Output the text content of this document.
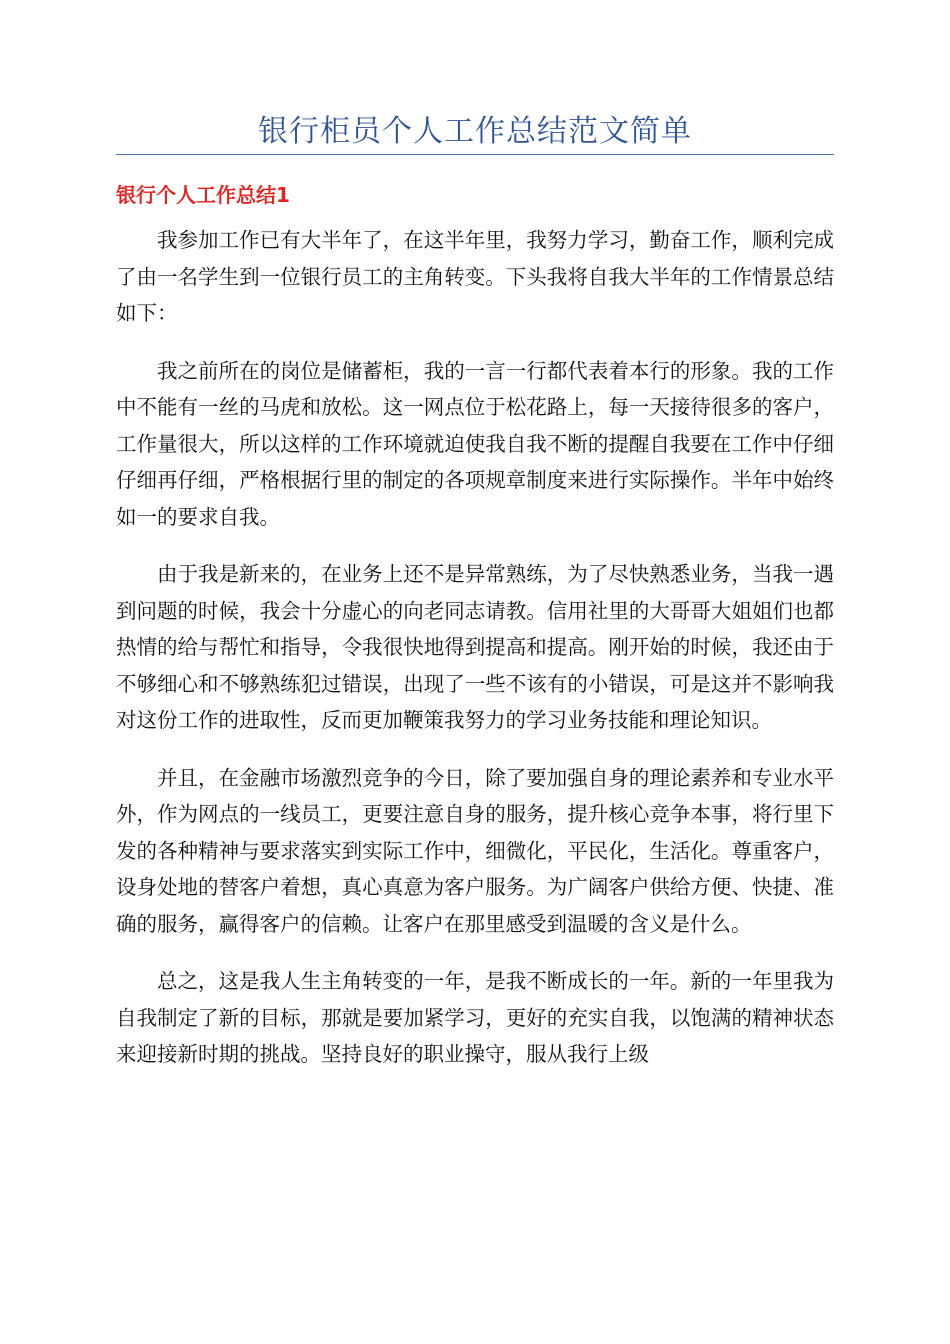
银行柜员个人工作总结范文简单
银行个人工作总结1

我参加工作已有大半年了，在这半年里，我努力学习，勤奋工作，顺利完成了由一名学生到一位银行员工的主角转变。下头我将自我大半年的工作情景总结如下：

我之前所在的岗位是储蓄柜，我的一言一行都代表着本行的形象。我的工作中不能有一丝的马虎和放松。这一网点位于松花路上，每一天接待很多的客户，工作量很大，所以这样的工作环境就迫使我自我不断的提醒自我要在工作中仔细仔细再仔细，严格根据行里的制定的各项规章制度来进行实际操作。半年中始终如一的要求自我。

由于我是新来的，在业务上还不是异常熟练，为了尽快熟悉业务，当我一遇到问题的时候，我会十分虚心的向老同志请教。信用社里的大哥哥大姐姐们也都热情的给与帮忙和指导，令我很快地得到提高和提高。刚开始的时候，我还由于不够细心和不够熟练犯过错误，出现了一些不该有的小错误，可是这并不影响我对这份工作的进取性，反而更加鞭策我努力的学习业务技能和理论知识。

并且，在金融市场激烈竞争的今日，除了要加强自身的理论素养和专业水平外，作为网点的一线员工，更要注意自身的服务，提升核心竞争本事，将行里下发的各种精神与要求落实到实际工作中，细微化，平民化，生活化。尊重客户，设身处地的替客户着想，真心真意为客户服务。为广阔客户供给方便、快捷、准确的服务，赢得客户的信赖。让客户在那里感受到温暖的含义是什么。

总之，这是我人生主角转变的一年，是我不断成长的一年。新的一年里我为自我制定了新的目标，那就是要加紧学习，更好的充实自我，以饱满的精神状态来迎接新时期的挑战。坚持良好的职业操守，服从我行上级
